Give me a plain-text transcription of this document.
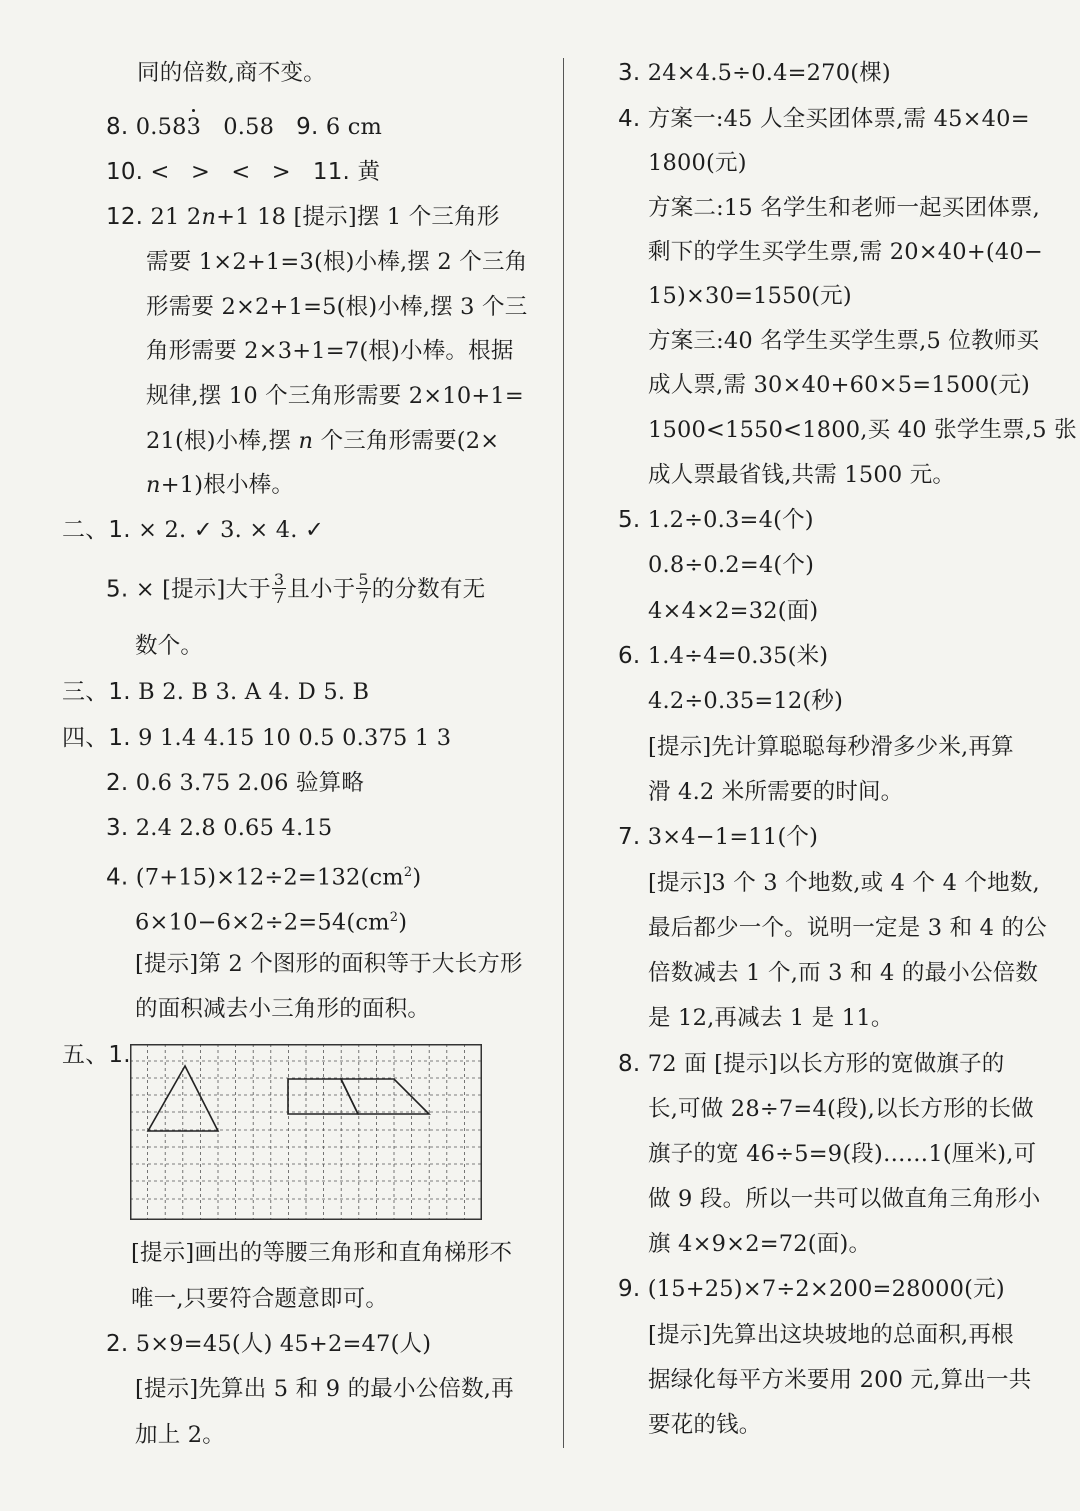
同的倍数,商不变。
8. 0.583 0.58 9. 6 cm
10. < > < > 11. 黄
12. 21 2n+1 18 [提示]摆 1 个三角形
需要 1×2+1=3(根)小棒,摆 2 个三角
形需要 2×2+1=5(根)小棒,摆 3 个三
角形需要 2×3+1=7(根)小棒。根据
规律,摆 10 个三角形需要 2×10+1=
21(根)小棒,摆 n 个三角形需要(2×
n+1)根小棒。
二、1. × 2. ✓ 3. × 4. ✓
5. × [提示]大于 $\frac{3}{7}$ 且小于 $\frac{5}{7}$ 的分数有无
数个。
三、1. B 2. B 3. A 4. D 5. B
四、1. 9 1.4 4.15 10 0.5 0.375 1 3
2. 0.6 3.75 2.06 验算略
3. 2.4 2.8 0.65 4.15
4. $(7+15)\times 12\div 2=132(cm^2)$
$6\times 10-6\times 2\div 2=54(cm^2)$
[提示]第 2 个图形的面积等于大长方形
的面积减去小三角形的面积。
五、1.
[提示]画出的等腰三角形和直角梯形不
唯一,只要符合题意即可。
2. 5×9=45(人) 45+2=47(人)
[提示]先算出 5 和 9 的最小公倍数,再
加上 2。
3. 24×4.5÷0.4=270(棵)
4. 方案一:45 人全买团体票,需 45×40=
1800(元)
方案二:15 名学生和老师一起买团体票,
剩下的学生买学生票,需 20×40+(40−
15)×30=1550(元)
方案三:40 名学生买学生票,5 位教师买
成人票,需 30×40+60×5=1500(元)
1500<1550<1800,买 40 张学生票,5 张
成人票最省钱,共需 1500 元。
5. 1.2÷0.3=4(个)
0.8÷0.2=4(个)
4×4×2=32(面)
6. 1.4÷4=0.35(米)
4.2÷0.35=12(秒)
[提示]先计算聪聪每秒滑多少米,再算
滑 4.2 米所需要的时间。
7. 3×4−1=11(个)
[提示]3 个 3 个地数,或 4 个 4 个地数,
最后都少一个。说明一定是 3 和 4 的公
倍数减去 1 个,而 3 和 4 的最小公倍数
是 12,再减去 1 是 11。
8. 72 面 [提示]以长方形的宽做旗子的
长,可做 28÷7=4(段),以长方形的长做
旗子的宽 46÷5=9(段)……1(厘米),可
做 9 段。所以一共可以做直角三角形小
旗 4×9×2=72(面)。
9. (15+25)×7÷2×200=28000(元)
[提示]先算出这块坡地的总面积,再根
据绿化每平方米要用 200 元,算出一共
要花的钱。
